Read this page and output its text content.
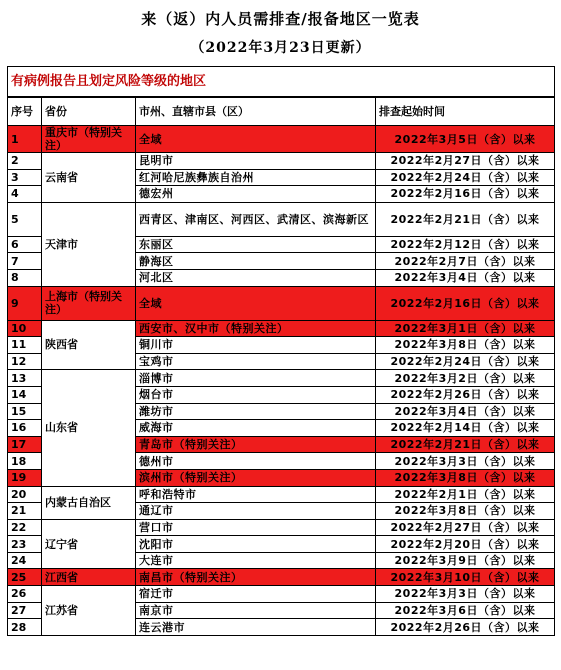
来（返）内人员需排查/报备地区一览表
（2022年3月23日更新）
有病例报告且划定风险等级的地区			
序号	省份	市州、直辖市县（区）	排查起始时间
1	重庆市（特别关注）	全域	2022年3月5日（含）以来
2	云南省	昆明市	2022年2月27日（含）以来
3		红河哈尼族彝族自治州	2022年2月24日（含）以来
4		德宏州	2022年2月16日（含）以来
5	天津市	西青区、津南区、河西区、武清区、滨海新区	2022年2月21日（含）以来
6		东丽区	2022年2月12日（含）以来
7		静海区	2022年2月7日（含）以来
8		河北区	2022年3月4日（含）以来
9	上海市（特别关注）	全域	2022年2月16日（含）以来
10	陕西省	西安市、汉中市（特别关注）	2022年3月1日（含）以来
11		铜川市	2022年3月8日（含）以来
12		宝鸡市	2022年2月24日（含）以来
13	山东省	淄博市	2022年3月2日（含）以来
14		烟台市	2022年2月26日（含）以来
15		潍坊市	2022年3月4日（含）以来
16		威海市	2022年2月14日（含）以来
17		青岛市（特别关注）	2022年2月21日（含）以来
18		德州市	2022年3月3日（含）以来
19		滨州市（特别关注）	2022年3月8日（含）以来
20	内蒙古自治区	呼和浩特市	2022年2月1日（含）以来
21		通辽市	2022年3月8日（含）以来
22	辽宁省	营口市	2022年2月27日（含）以来
23		沈阳市	2022年2月20日（含）以来
24		大连市	2022年3月9日（含）以来
25	江西省	南昌市（特别关注）	2022年3月10日（含）以来
26	江苏省	宿迁市	2022年3月3日（含）以来
27		南京市	2022年3月6日（含）以来
28		连云港市	2022年2月26日（含）以来
